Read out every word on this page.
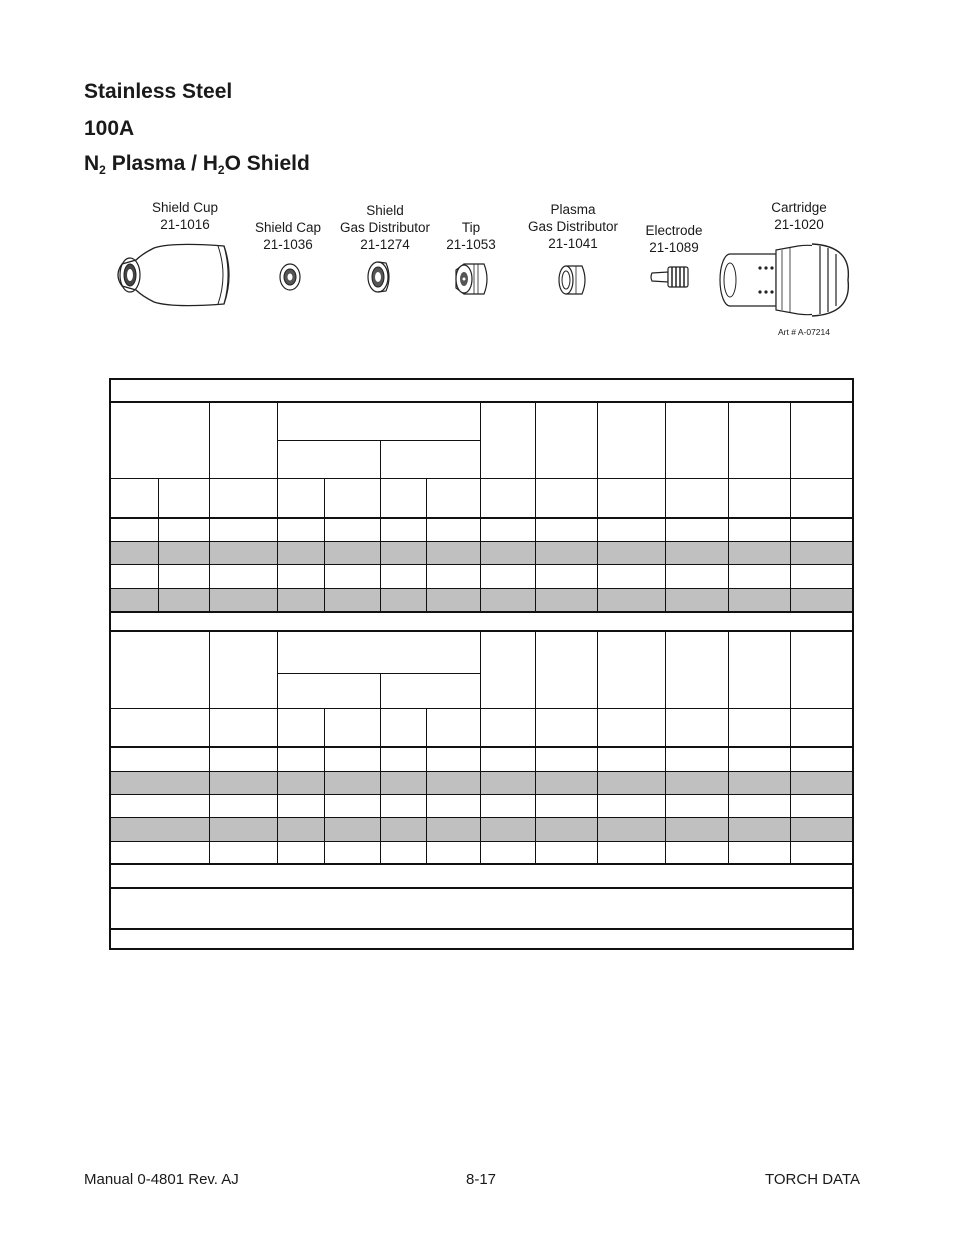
Stainless Steel
100A
$N_2$ Plasma / $H_2O$ Shield
Shield Cup
21-1016	Shield Cap
21-1036
Shield
Gas Distributor
21-1274
Tip
21-1053
Plasma
Gas Distributor
21-1041
Electrode
21-1089
Cartridge
21-1020
Art # A-07214
Manual 0-4801 Rev. AJ	8-17	TORCH DATA
